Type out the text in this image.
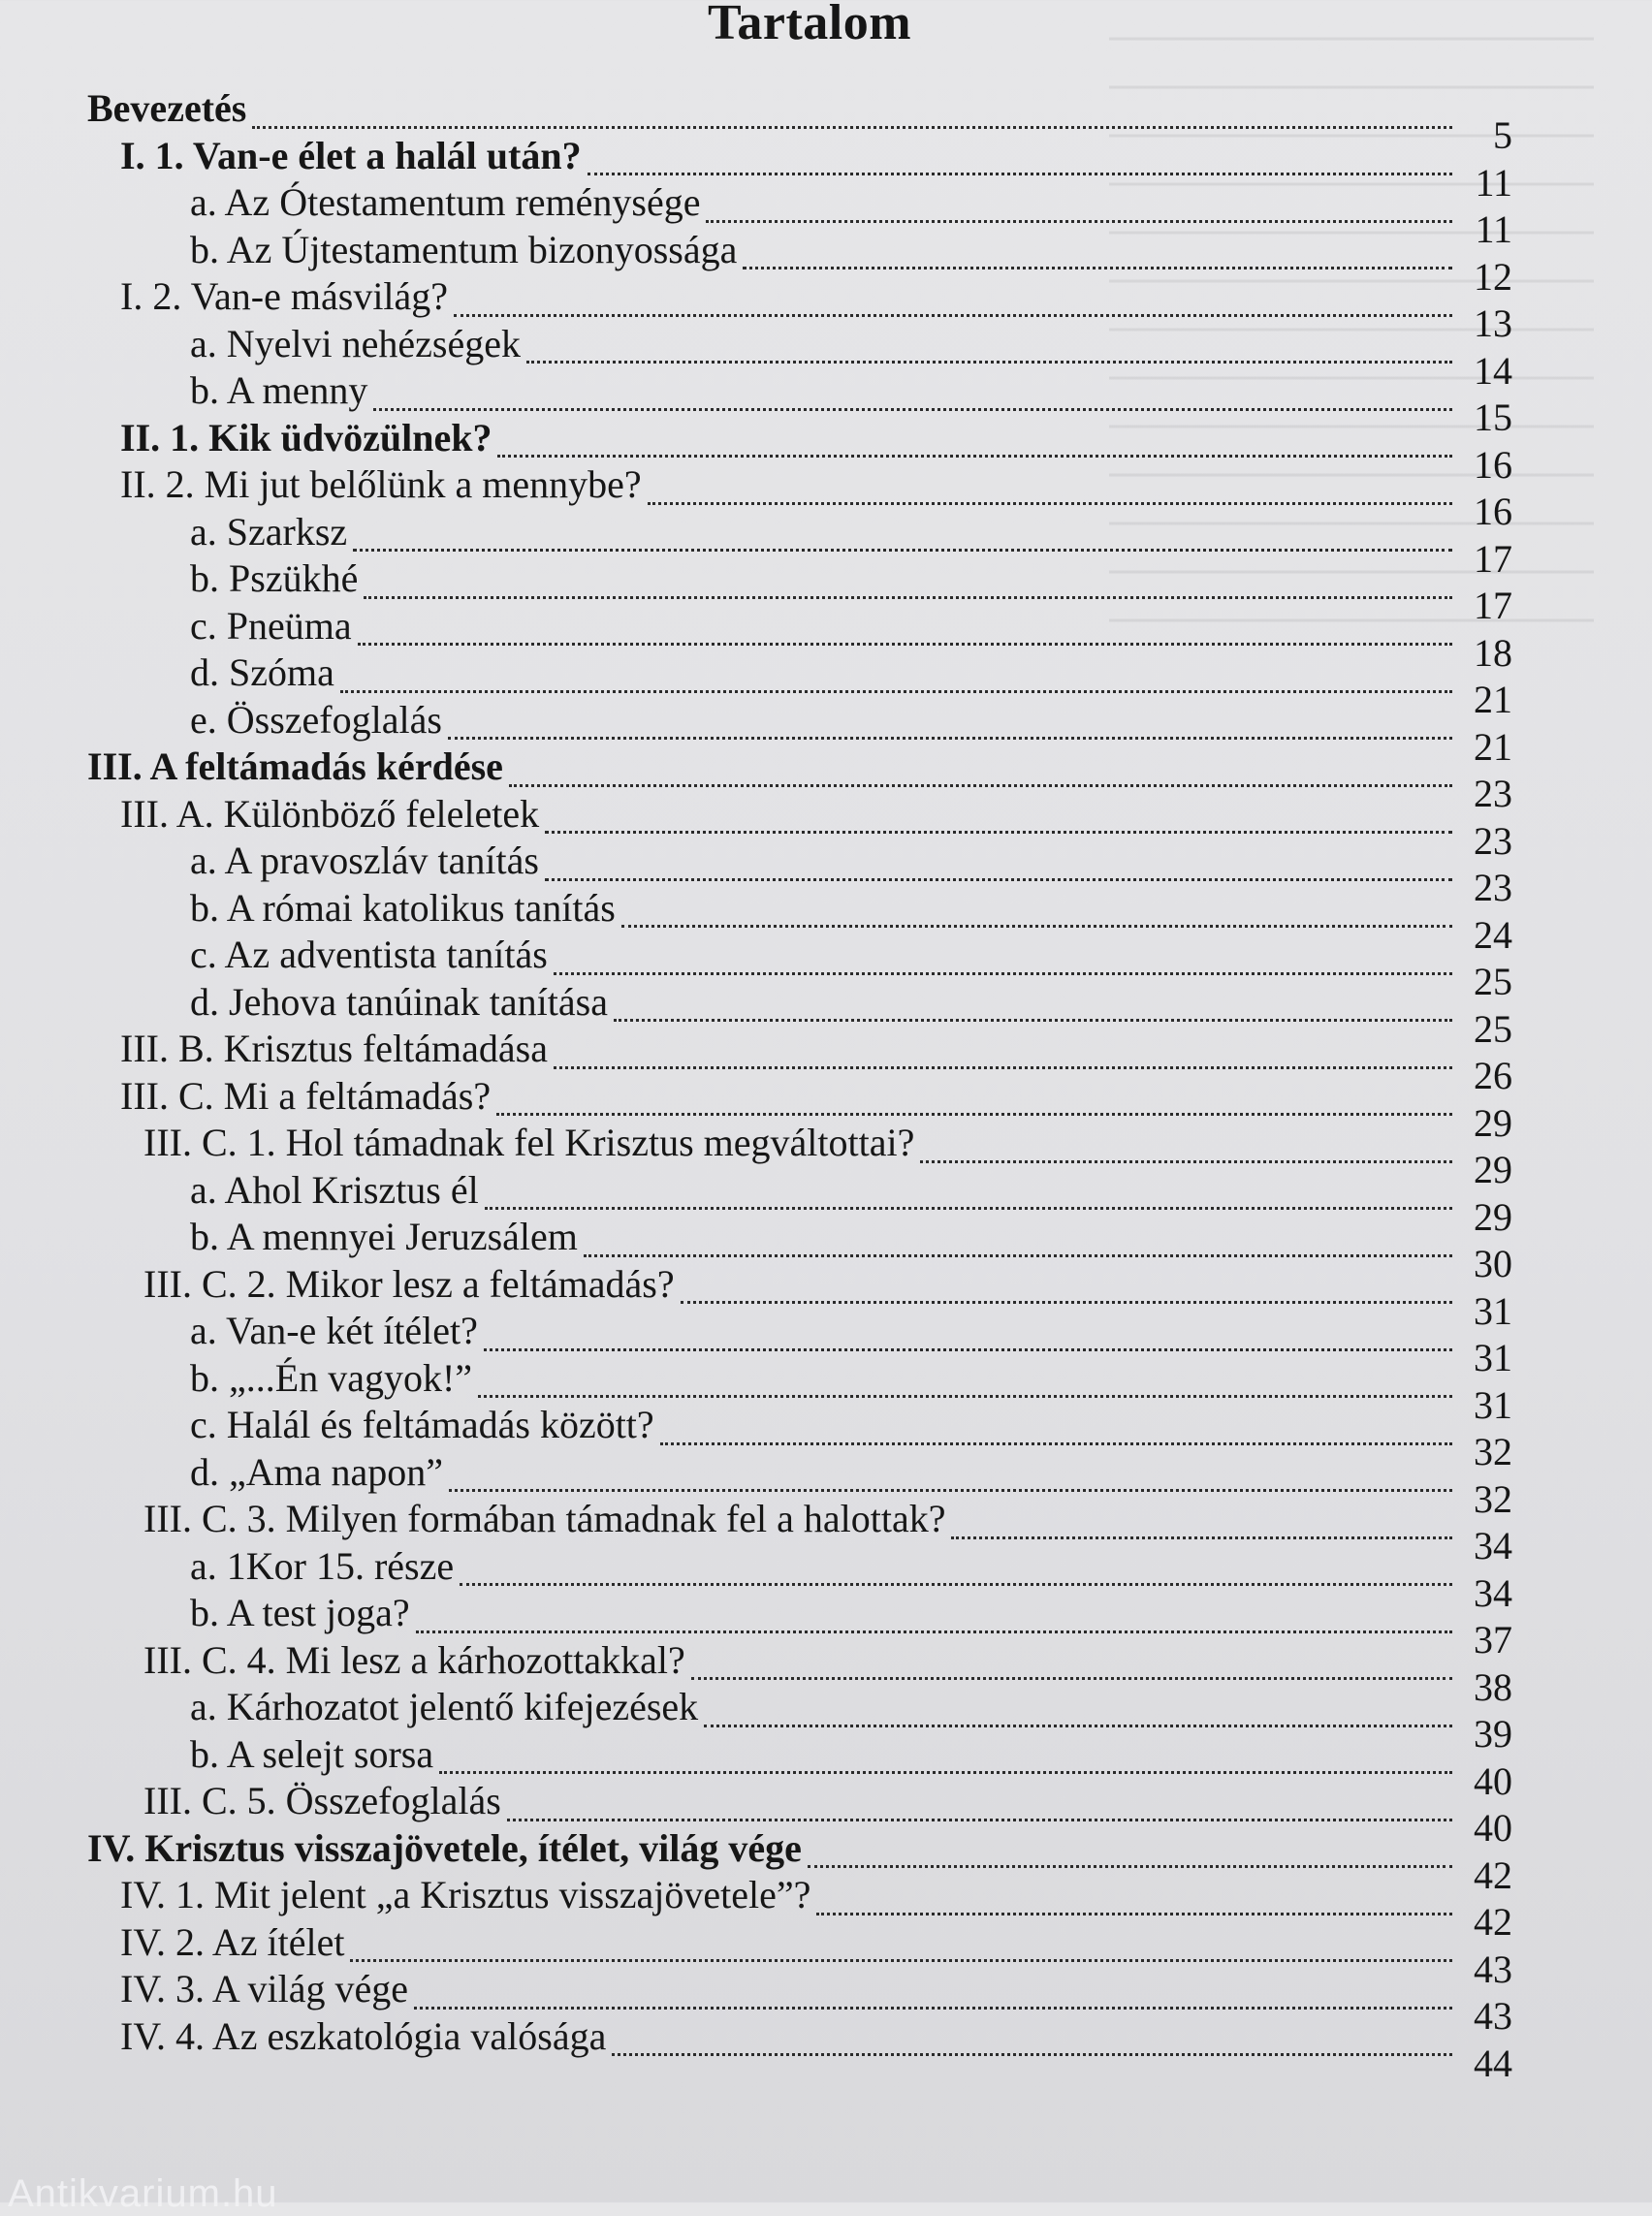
Tartalom
Bevezetés
5
I. 1. Van-e élet a halál után?
11
a. Az Ótestamentum reménysége
11
b. Az Újtestamentum bizonyossága
12
I. 2. Van-e másvilág?
13
a. Nyelvi nehézségek
14
b. A menny
15
II. 1. Kik üdvözülnek?
16
II. 2. Mi jut belőlünk a mennybe?
16
a. Szarksz
17
b. Pszükhé
17
c. Pneüma
18
d. Szóma
21
e. Összefoglalás
21
III. A feltámadás kérdése
23
III. A. Különböző feleletek
23
a. A pravoszláv tanítás
23
b. A római katolikus tanítás
24
c. Az adventista tanítás
25
d. Jehova tanúinak tanítása
25
III. B. Krisztus feltámadása
26
III. C. Mi a feltámadás?
29
III. C. 1. Hol támadnak fel Krisztus megváltottai?
29
a. Ahol Krisztus él
29
b. A mennyei Jeruzsálem
30
III. C. 2. Mikor lesz a feltámadás?
31
a. Van-e két ítélet?
31
b. „...Én vagyok!”
31
c. Halál és feltámadás között?
32
d. „Ama napon”
32
III. C. 3. Milyen formában támadnak fel a halottak?
34
a. 1Kor 15. része
34
b. A test joga?
37
III. C. 4. Mi lesz a kárhozottakkal?
38
a. Kárhozatot jelentő kifejezések
39
b. A selejt sorsa
40
III. C. 5. Összefoglalás
40
IV. Krisztus visszajövetele, ítélet, világ vége
42
IV. 1. Mit jelent „a Krisztus visszajövetele”?
42
IV. 2. Az ítélet
43
IV. 3. A világ vége
43
IV. 4. Az eszkatológia valósága
44
Antikvarium.hu
